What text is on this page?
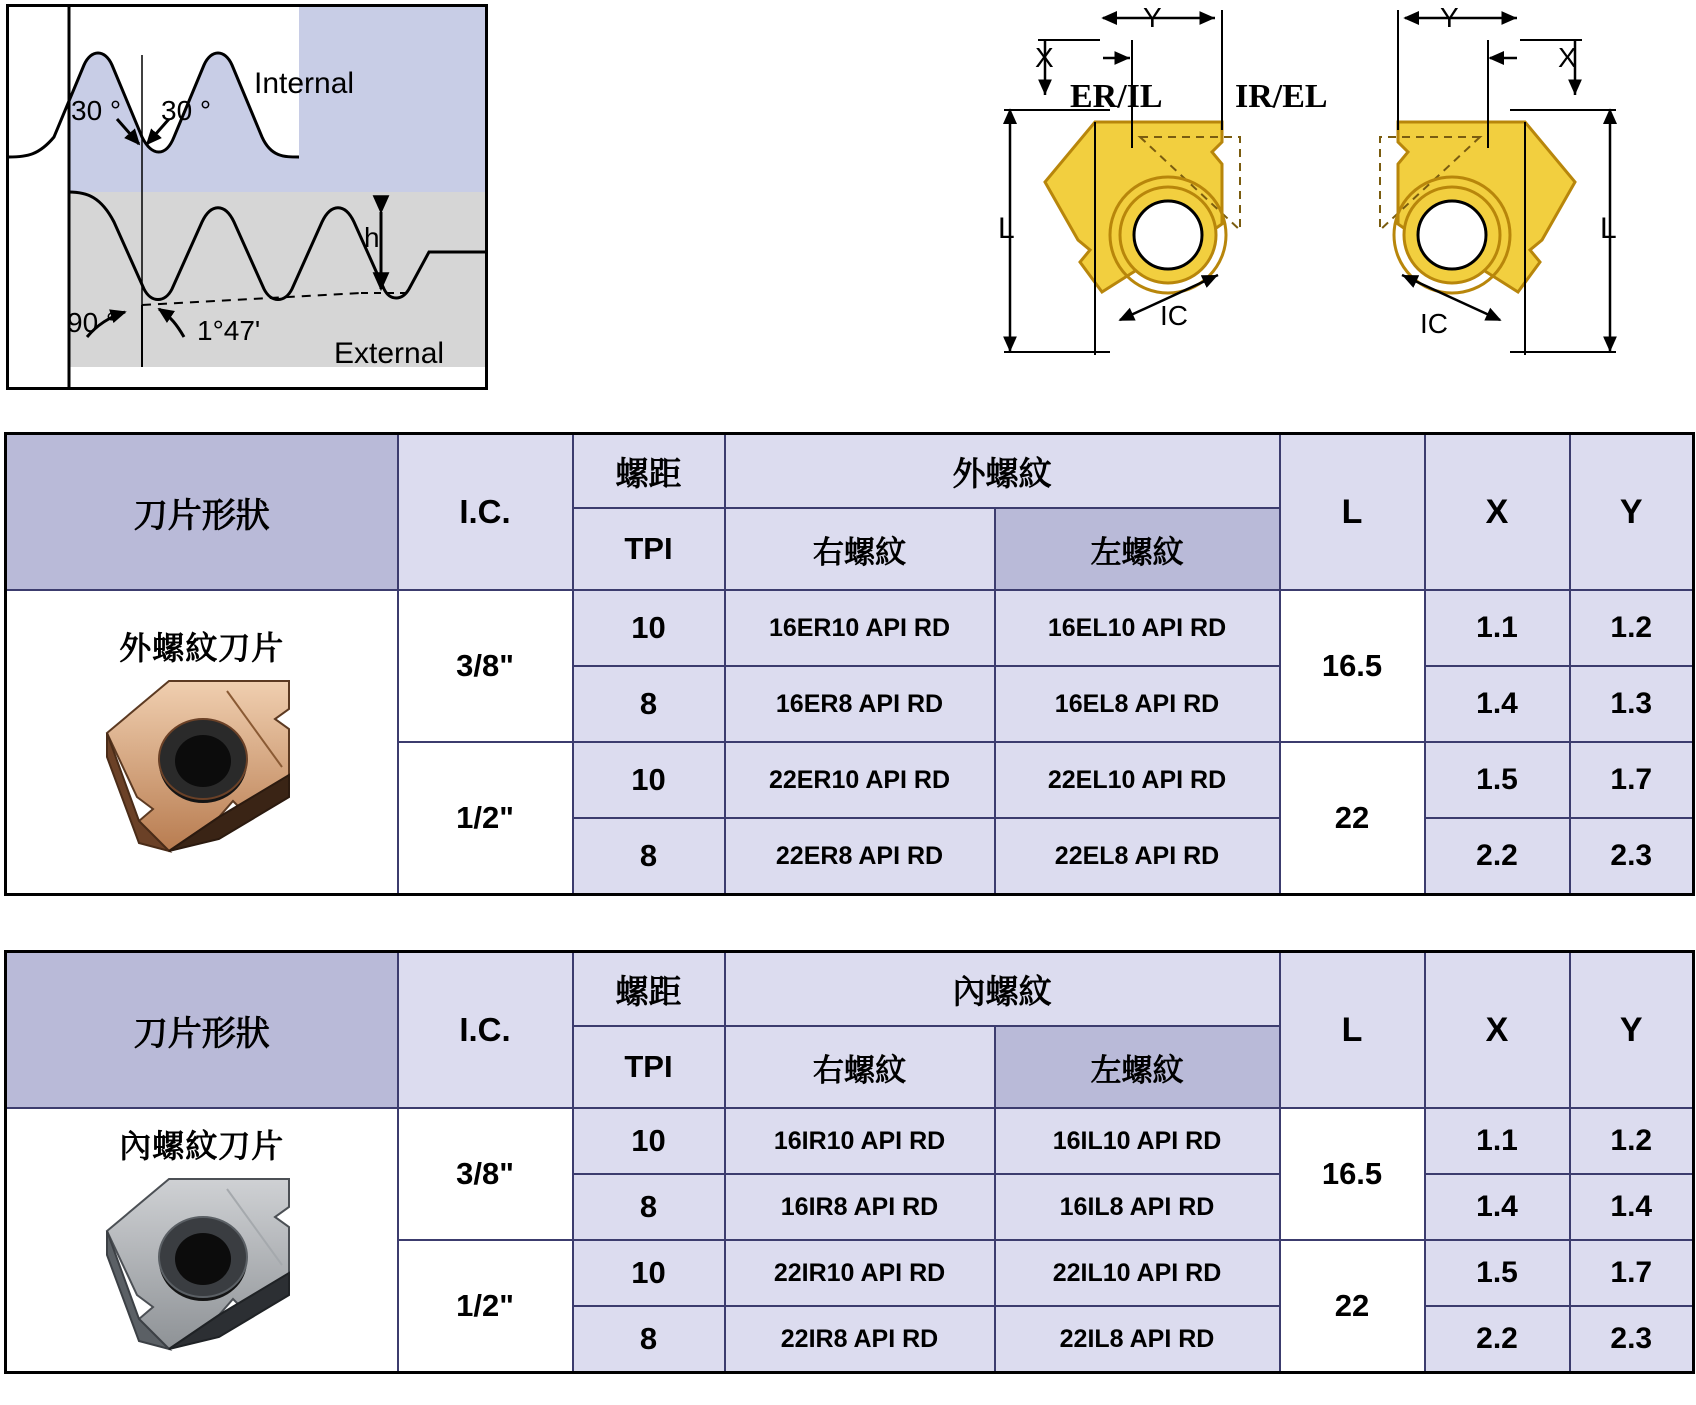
Internal
External
30 ° 30 °
90 °	1°47'
h
ER/IL IR/EL
X
Y	Y
X
L	L
IC	IC
刀片形狀	I.C.	螺距	外螺紋		L	X	Y
		TPI	右螺紋	左螺紋			

外螺紋刀片	3/8"	10	16ER10 API RD	16EL10 API RD	16.5	1.1	1.2
		8	16ER8 API RD	16EL8 API RD		1.4	1.3
	1/2"	10	22ER10 API RD	22EL10 API RD	22	1.5	1.7
		8	22ER8 API RD	22EL8 API RD		2.2	2.3
刀片形狀	I.C.	螺距	內螺紋		L	X	Y
		TPI	右螺紋	左螺紋			

內螺紋刀片	3/8"	10	16IR10 API RD	16IL10 API RD	16.5	1.1	1.2
		8	16IR8 API RD	16IL8 API RD		1.4	1.4
	1/2"	10	22IR10 API RD	22IL10 API RD	22	1.5	1.7
		8	22IR8 API RD	22IL8 API RD		2.2	2.3
